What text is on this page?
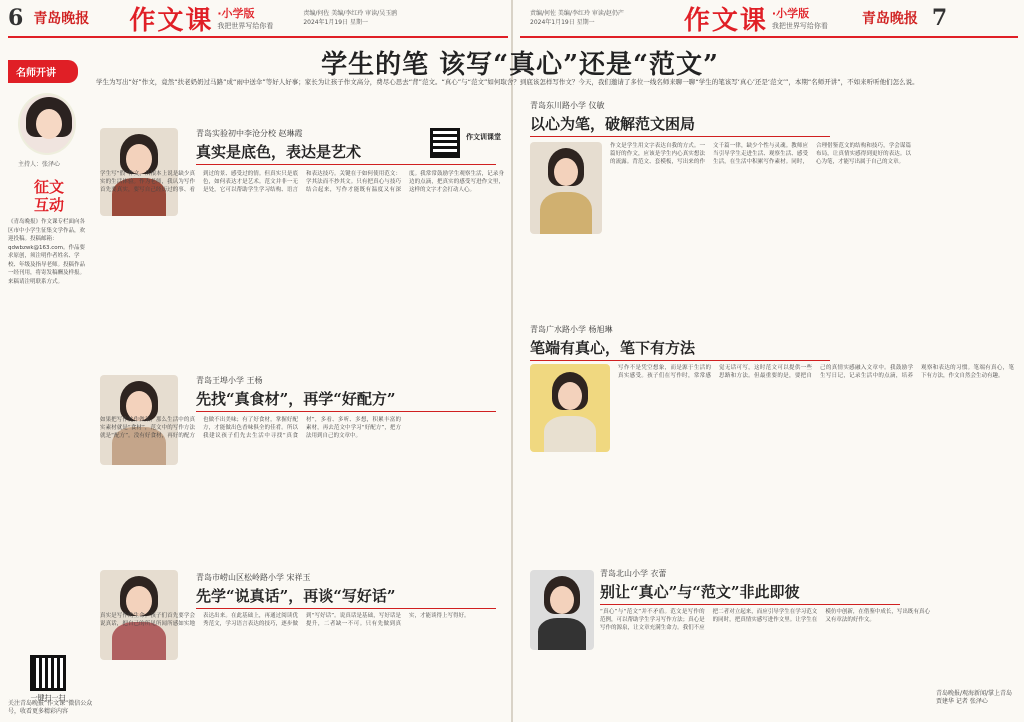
6 青岛晚报 作文课 ·小学版
我把世界写给你看
责编/何佐 美编/李红玲 审读/吴玉鸥
2024年1月19日 星期一
责编/何佐 美编/李红玲 审读/赵仍产
2024年1月19日 星期一	作文课 ·小学版
我把世界写给你看 青岛晚报 7
学生的笔 该写“真心”还是“范文”
学生为写出“好”作文，竟然“扶老奶奶过马路”成“雨中送伞”等好人好事；家长为让孩子作文高分，费尽心思去“背”范文。“真心”与“范文”如何取舍？到底该怎样写作文？今天，我们邀请了多位一线名师来聊一聊“学生的笔该写‘真心’还是‘范文’”，本期“名师开讲”，不如来听听他们怎么说。
名师开讲
主持人：张泽心
征文
互动
《青岛晚报》作文课专栏面向各区市中小学生征集文学作品，欢迎投稿。投稿邮箱：qdwbzwk@163.com。作品要求原创，须注明作者姓名、学校、年级及指导老师。投稿作品一经刊用，将寄发稿酬及样报。来稿请注明联系方式。
一键扫一扫
关注青岛晚报“作文课”微信公众号，收看更多精彩内容
青岛实验初中李沧分校 赵琳霞
真实是底色，表达是艺术
作文训课堂
学生写“假”作文，从根本上说是缺少真实的生活体验。作为老师，我认为写作首先要真实，要写自己经历过的事、看到过的景、感受过的情。但真实只是底色，如何表达才是艺术。范文并非一无是处，它可以帮助学生学习结构、语言和表达技巧。关键在于如何使用范文：学其法而不抄其文。只有把真心与技巧结合起来，写作才能既有温度又有深度。我常常鼓励学生观察生活，记录身边的点滴，把真实的感受写进作文里，这样的文字才会打动人心。
青岛王埠小学 王杨
先找“真食材”，再学“好配方”
如果把写作比作做菜，那么生活中的真实素材就是“食材”，范文中的写作方法就是“配方”。没有好食材，再好的配方也做不出美味；有了好食材，掌握好配方，才能做出色香味俱全的佳肴。所以我建议孩子们先去生活中寻找“真食材”，多看、多听、多想，积累丰富的素材，再去范文中学习“好配方”，把方法用到自己的文章中。
青岛市崂山区松岭路小学 宋祥玉
先学“说真话”，再谈“写好话”
真实是写作的生命。孩子们首先要学会说真话，把自己的所见所闻所感如实地表达出来。在此基础上，再通过阅读优秀范文，学习语言表达的技巧，逐步做到“写好话”。说真话是基础，写好话是提升，二者缺一不可。只有先做到真实，才能谈得上写得好。
青岛东川路小学 仪敏
以心为笔，破解范文困局
作文是学生用文字表达自我的方式。一篇好的作文，应该是学生内心真实想法的流露。背范文、套模板，写出来的作文千篇一律，缺少个性与灵魂。教师应当引导学生走进生活、观察生活、感受生活，在生活中积累写作素材。同时，合理借鉴范文的结构和技巧，学会谋篇布局，让真情实感得到更好的表达。以心为笔，才能写出属于自己的文章。
青岛广水路小学 杨旭琳
笔端有真心，笔下有方法
写作不是凭空想象，而是源于生活的真实感受。孩子们在写作时，常常感觉无话可写，这时范文可以提供一些思路和方法。但最重要的是，要把自己的真情实感融入文章中。我鼓励学生写日记，记录生活中的点滴，培养观察和表达的习惯。笔端有真心，笔下有方法，作文自然会生动有趣。
青岛北山小学 衣蕾
别让“真心”与“范文”非此即彼
“真心”与“范文”并不矛盾。范文是写作的范例，可以帮助学生学习写作方法；真心是写作的源泉，让文章充满生命力。我们不应把二者对立起来，而应引导学生在学习范文的同时，把真情实感写进作文里。让学生在模仿中创新，在借鉴中成长，写出既有真心又有章法的好作文。
青岛晚报/观海新闻/掌上青岛 贾建华 记者 张泽心
